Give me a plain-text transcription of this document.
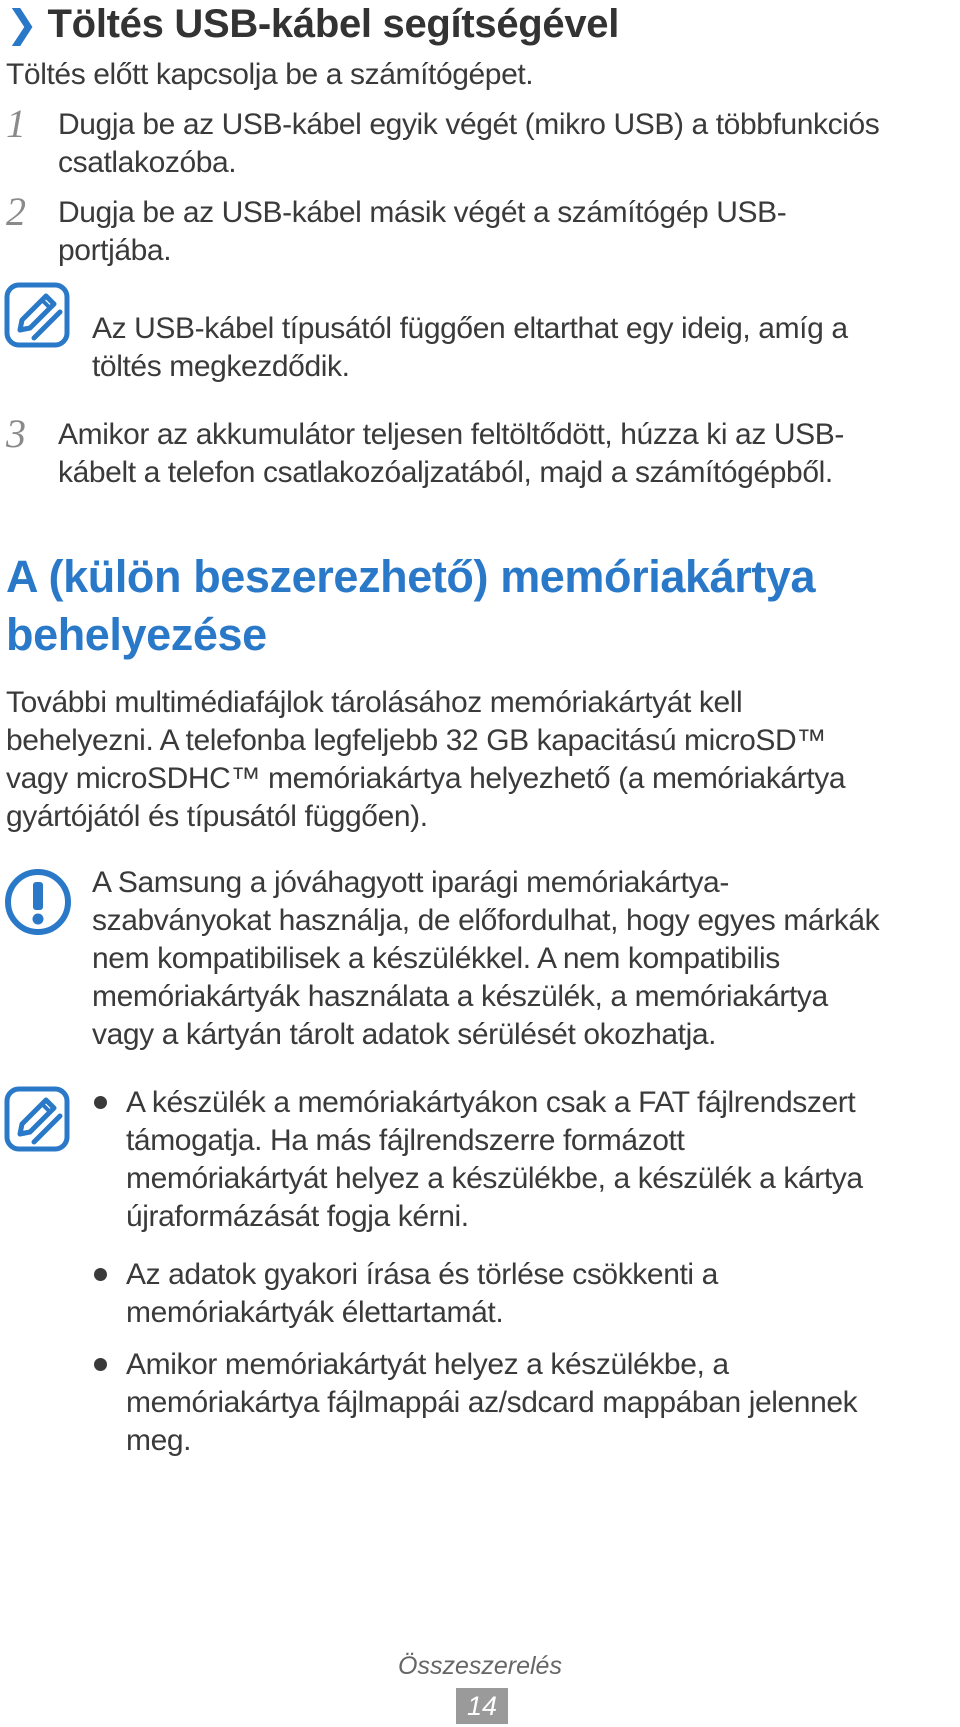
❯ Töltés USB-kábel segítségével
Töltés előtt kapcsolja be a számítógépet.
1 Dugja be az USB-kábel egyik végét (mikro USB) a többfunkciós
csatlakozóba.
2 Dugja be az USB-kábel másik végét a számítógép USB-
portjába.
Az USB-kábel típusától függően eltarthat egy ideig, amíg a
töltés megkezdődik.
3 Amikor az akkumulátor teljesen feltöltődött, húzza ki az USB-
kábelt a telefon csatlakozóaljzatából, majd a számítógépből.
A (külön beszerezhető) memóriakártya
behelyezése
További multimédiafájlok tárolásához memóriakártyát kell
behelyezni. A telefonba legfeljebb 32 GB kapacitású microSD™
vagy microSDHC™ memóriakártya helyezhető (a memóriakártya
gyártójától és típusától függően).
A Samsung a jóváhagyott iparági memóriakártya-
szabványokat használja, de előfordulhat, hogy egyes márkák
nem kompatibilisek a készülékkel. A nem kompatibilis
memóriakártyák használata a készülék, a memóriakártya
vagy a kártyán tárolt adatok sérülését okozhatja.
A készülék a memóriakártyákon csak a FAT fájlrendszert
támogatja. Ha más fájlrendszerre formázott
memóriakártyát helyez a készülékbe, a készülék a kártya
újraformázását fogja kérni.
Az adatok gyakori írása és törlése csökkenti a
memóriakártyák élettartamát.
Amikor memóriakártyát helyez a készülékbe, a
memóriakártya fájlmappái az/sdcard mappában jelennek
meg.
Összeszerelés
14
